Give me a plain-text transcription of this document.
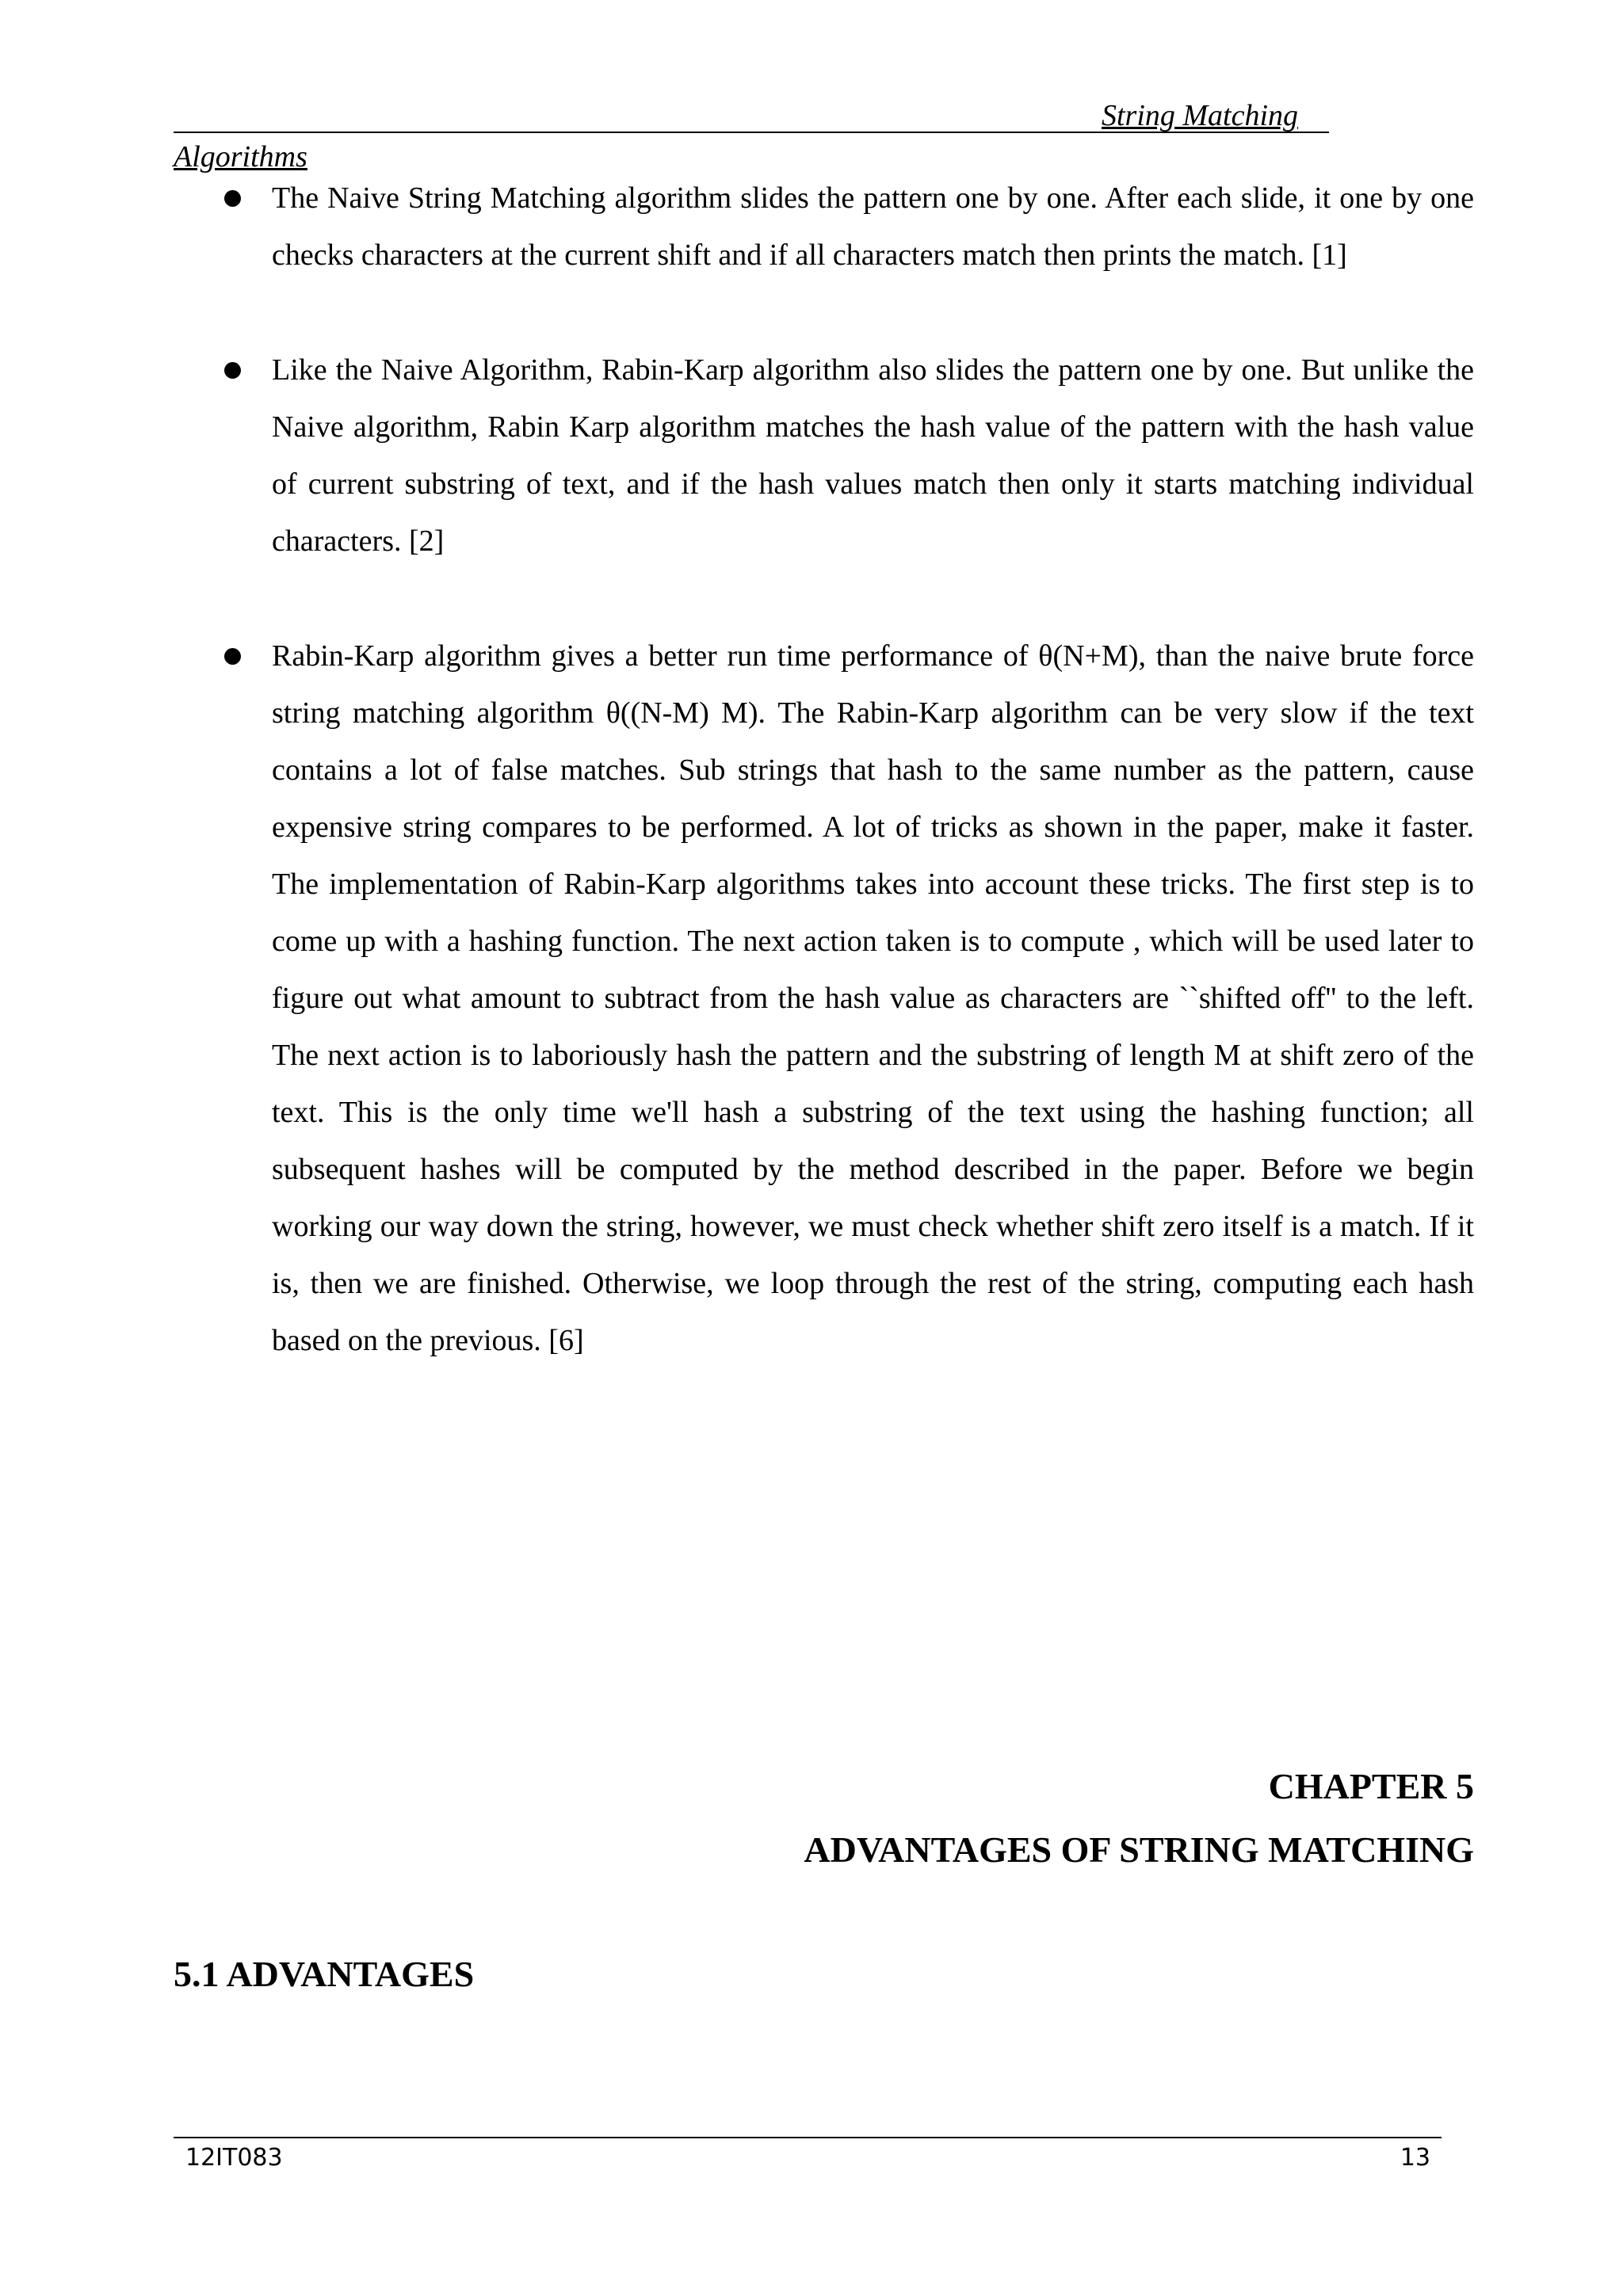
String Matching
Algorithms
The Naive String Matching algorithm slides the pattern one by one. After each slide, it one by one checks characters at the current shift and if all characters match then prints the match. [1]
Like the Naive Algorithm, Rabin-Karp algorithm also slides the pattern one by one. But unlike the Naive algorithm, Rabin Karp algorithm matches the hash value of the pattern with the hash value of current substring of text, and if the hash values match then only it starts matching individual characters. [2]
Rabin-Karp algorithm gives a better run time performance of θ(N+M), than the naive brute force string matching algorithm θ((N-M) M). The Rabin-Karp algorithm can be very slow if the text contains a lot of false matches. Sub strings that hash to the same number as the pattern, cause expensive string compares to be performed. A lot of tricks as shown in the paper, make it faster. The implementation of Rabin-Karp algorithms takes into account these tricks. The first step is to come up with a hashing function. The next action taken is to compute , which will be used later to figure out what amount to subtract from the hash value as characters are ``shifted off'' to the left. The next action is to laboriously hash the pattern and the substring of length M at shift zero of the text. This is the only time we'll hash a substring of the text using the hashing function; all subsequent hashes will be computed by the method described in the paper. Before we begin working our way down the string, however, we must check whether shift zero itself is a match. If it is, then we are finished. Otherwise, we loop through the rest of the string, computing each hash based on the previous. [6]
CHAPTER 5
ADVANTAGES OF STRING MATCHING
5.1 ADVANTAGES
12IT083	13
